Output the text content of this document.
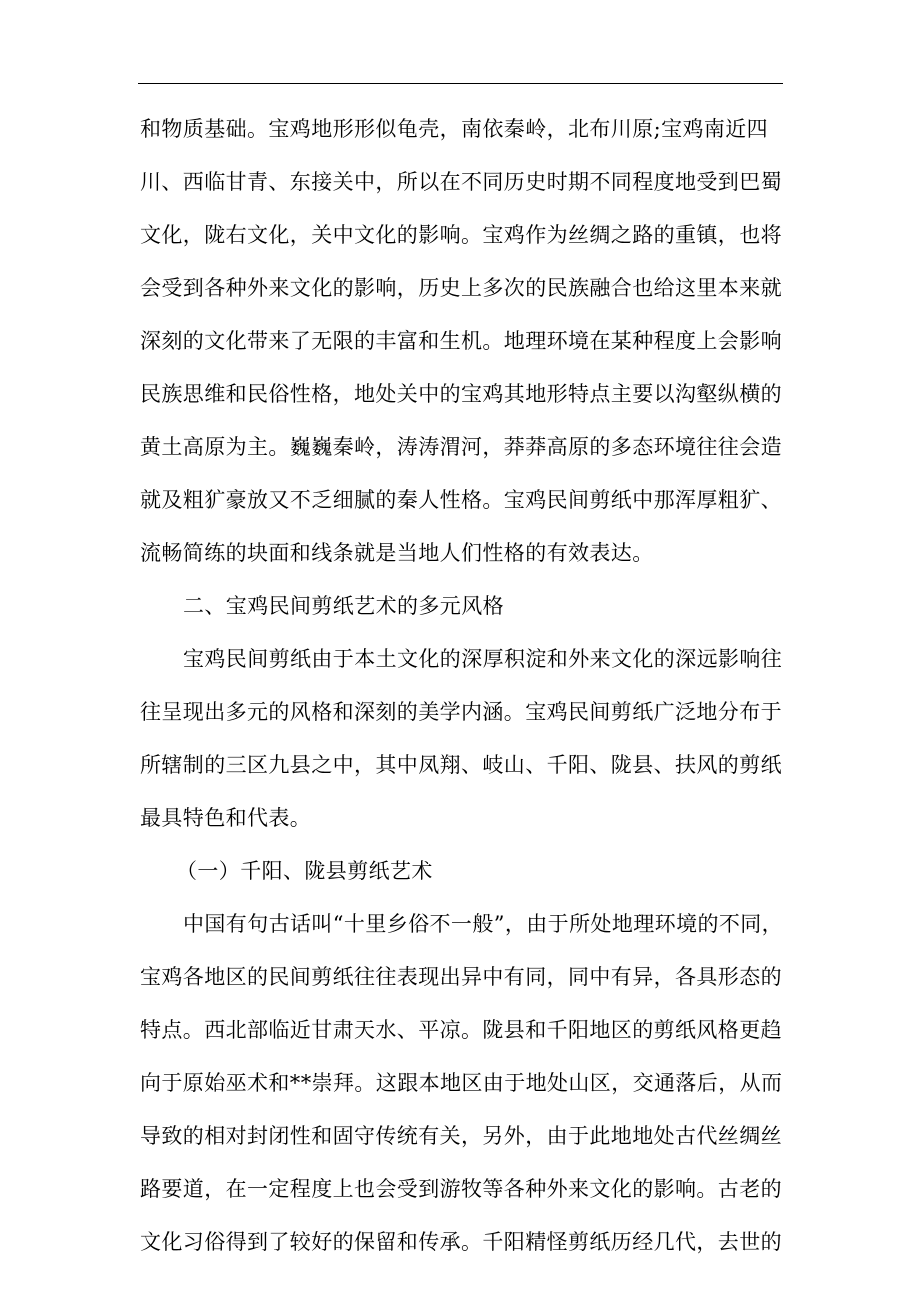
和物质基础。宝鸡地形形似龟壳，南依秦岭，北布川原;宝鸡南近四
川、西临甘青、东接关中，所以在不同历史时期不同程度地受到巴蜀
文化，陇右文化，关中文化的影响。宝鸡作为丝绸之路的重镇，也将
会受到各种外来文化的影响，历史上多次的民族融合也给这里本来就
深刻的文化带来了无限的丰富和生机。地理环境在某种程度上会影响
民族思维和民俗性格，地处关中的宝鸡其地形特点主要以沟壑纵横的
黄土高原为主。巍巍秦岭，涛涛渭河，莽莽高原的多态环境往往会造
就及粗犷豪放又不乏细腻的秦人性格。宝鸡民间剪纸中那浑厚粗犷、
流畅简练的块面和线条就是当地人们性格的有效表达。
二、宝鸡民间剪纸艺术的多元风格
宝鸡民间剪纸由于本土文化的深厚积淀和外来文化的深远影响往
往呈现出多元的风格和深刻的美学内涵。宝鸡民间剪纸广泛地分布于
所辖制的三区九县之中，其中凤翔、岐山、千阳、陇县、扶风的剪纸
最具特色和代表。
（一）千阳、陇县剪纸艺术
中国有句古话叫“十里乡俗不一般”，由于所处地理环境的不同，
宝鸡各地区的民间剪纸往往表现出异中有同，同中有异，各具形态的
特点。西北部临近甘肃天水、平凉。陇县和千阳地区的剪纸风格更趋
向于原始巫术和**崇拜。这跟本地区由于地处山区，交通落后，从而
导致的相对封闭性和固守传统有关，另外，由于此地地处古代丝绸丝
路要道，在一定程度上也会受到游牧等各种外来文化的影响。古老的
文化习俗得到了较好的保留和传承。千阳精怪剪纸历经几代，去世的
